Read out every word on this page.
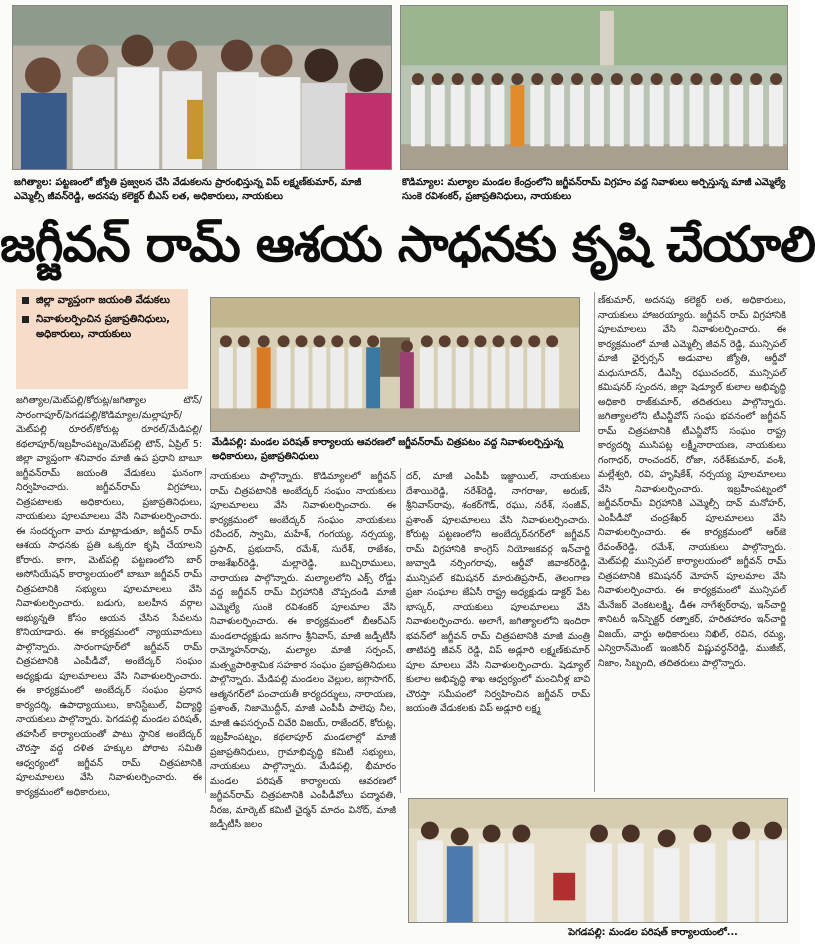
జగిత్యాల: పట్టణంలో జ్యోతి ప్రజ్వలన చేసి వేడుకలను ప్రారంభిస్తున్న విప్ లక్ష్మణ్‌కుమార్, మాజీ ఎమ్మెల్సీ జీవన్‌రెడ్డి, అదనపు కలెక్టర్ బీఎస్ లత, అధికారులు, నాయకులు
కొడిమ్యాల: మల్యాల మండల కేంద్రంలోని జగ్జీవన్‌రామ్ విగ్రహం వద్ద నివాళులు అర్పిస్తున్న మాజీ ఎమ్మెల్యే సుంకె రవిశంకర్, ప్రజాప్రతినిధులు, నాయకులు
జగ్జీవన్ రామ్ ఆశయ సాధనకు కృషి చేయాలి
జిల్లా వ్యాప్తంగా జయంతి వేడుకలు
నివాళులర్పించిన ప్రజాప్రతినిధులు, అధికారులు, నాయకులు
మేడిపల్లి: మండల పరిషత్ కార్యాలయ ఆవరణలో జగ్జీవన్‌రామ్ చిత్రపటం వద్ద నివాళులర్పిస్తున్న అధికారులు, ప్రజాప్రతినిధులు

జగిత్యాల/మెట్‌పల్లి/కోరుట్ల/జగిత్యాల టౌన్/సారంగాపూర్/పెగడపల్లి/కొడిమ్యాల/మల్లాపూర్/మెట్‌పల్లి రూరల్/కోరుట్ల రూరల్/మేడిపల్లి/కథలాపూర్/ఇబ్రహీంపట్నం/మెట్‌పల్లి టౌన్, ఏప్రిల్ 5: జిల్లా వ్యాప్తంగా శనివారం మాజీ ఉప ప్రధాని బాబూ జగ్జీవన్‌రామ్ జయంతి వేడుకలు ఘనంగా నిర్వహించారు. జగ్జీవన్‌రామ్ విగ్రహాలు, చిత్రపటాలకు అధికారులు, ప్రజాప్రతినిధులు, నాయకులు పూలమాలలు వేసి నివాళులర్పించారు. ఈ సందర్భంగా వారు మాట్లాడుతూ, జగ్జీవన్ రామ్ ఆశయ సాధనకు ప్రతి ఒక్కరూ కృషి చేయాలని కోరారు. కాగా, మెట్‌పల్లి పట్టణంలోని బార్ అసోసియేషన్ కార్యాలయంలో బాబూ జగ్జీవన్ రామ్ చిత్రపటానికి సభ్యులు పూలమాలలు వేసి నివాళులర్పించారు. బడుగు, బలహీన వర్గాల అభ్యున్నతి కోసం ఆయన చేసిన సేవలను కొనియాడారు. ఈ కార్యక్రమంలో న్యాయవాదులు పాల్గొన్నారు. సారంగాపూర్‌లో జగ్జీవన్ రామ్ చిత్రపటానికి ఎంపీడీవో, అంబేద్కర్ సంఘం అధ్యక్షుడు పూలమాలలు వేసి నివాళులర్పించారు. ఈ కార్యక్రమంలో అంబేద్కర్ సంఘం ప్రధాన కార్యదర్శి, ఉపాధ్యాయులు, కానిస్టేబుల్, విద్యార్థి నాయకులు పాల్గొన్నారు. పెగడపల్లి మండల పరిషత్, తహసీల్ కార్యాలయంతో పాటు స్థానిక అంబేద్కర్ చౌరస్తా వద్ద దళిత హక్కుల పోరాట సమితి ఆధ్వర్యంలో జగ్జీవన్ రామ్ చిత్రపటానికి పూలమాలలు వేసి నివాళులర్పించారు. ఈ కార్యక్రమంలో అధికారులు,

నాయకులు పాల్గొన్నారు. కొడిమ్యాలలో జగ్జీవన్ రామ్ చిత్రపటానికి అంబేద్కర్ సంఘం నాయకులు పూలమాలలు వేసి నివాళులర్పించారు. ఈ కార్యక్రమంలో అంబేద్కర్ సంఘం నాయకులు రవీందర్, స్వామి, మహేశ్, గంగయ్య, నర్సయ్య, ప్రసాద్, ప్రభుదాస్, రమేశ్, సురేశ్, రాజేశం, రాజశేఖర్‌రెడ్డి, మల్లారెడ్డి, బుచ్చిరాములు, నారాయణ పాల్గొన్నారు. మల్యాలలోని ఎక్స్ రోడ్డు వద్ద జగ్జీవన్ రామ్ విగ్రహానికి చొప్పదండి మాజీ ఎమ్మెల్యే సుంకె రవిశంకర్ పూలమాల వేసి నివాళులర్పించారు. ఈ కార్యక్రమంలో బీఆర్ఎస్ మండలాధ్యక్షుడు జనగాం శ్రీనివాస్, మాజీ జడ్పీటీసీ రామ్మోహన్‌రావు, మల్యాల మాజీ సర్పంచ్, మత్స్యపారిశ్రామిక సహకార సంఘం ప్రజాప్రతినిధులు పాల్గొన్నారు. మేడిపల్లి మండలం వెల్లుల, జగ్గాసాగర్, ఆత్మనగర్‌లో పంచాయతీ కార్యదర్శులు, నారాయణ, ప్రశాంత్, నిజామొద్దీన్, మాజీ ఎంపీపీ పాలెపు నీల, మాజీ ఉపసర్పంచ్ చివేరి విజయ్, రాజేందర్, కోరుట్ల, ఇబ్రహీంపట్నం, కథలాపూర్ మండలాల్లో మాజీ ప్రజాప్రతినిధులు, గ్రామాభివృద్ధి కమిటీ సభ్యులు, నాయకులు పాల్గొన్నారు. మేడిపల్లి, భీమారం మండల పరిషత్ కార్యాలయ ఆవరణలో జగ్జీవన్‌రామ్ చిత్రపటానికి ఎంపీడీవోలు పద్మావతి, నీరజ, మార్కెట్ కమిటీ ఛైర్మన్ మాదం వినోద్, మాజీ జడ్పీటీసీ జలం

దర్, మాజీ ఎంపీపీ ఇజ్జాయిల్, నాయకులు దేశాయిరెడ్డి, నరేశ్‌రెడ్డి, నాగరాజు, అరుణ్, శ్రీనివాస్‌రావు, శంకర్‌గౌడ్, రఘు, నరేశ్, సంజీవ్, ప్రశాంత్ పూలమాలలు వేసి నివాళులర్పించారు. కోరుట్ల పట్టణంలోని అంబేద్కర్‌నగర్‌లో జగ్జీవన్ రామ్ విగ్రహానికి కాంగ్రెస్ నియోజకవర్గ ఇన్‌చార్జి జువ్వాడి నర్సింగరావు, ఆర్డీవో జివాకర్‌రెడ్డి, మున్సిపల్ కమిషనర్ మారుతిప్రసాద్, తెలంగాణ ప్రజా సంఘాల జేఏసీ రాష్ట్ర అధ్యక్షుడు డాక్టర్ పేట భాస్కర్, నాయకులు పూలమాలలు వేసి నివాళులర్పించారు. అలాగే, జగిత్యాలలోని ఇందిరా భవన్‌లో జగ్జీవన్ రామ్ చిత్రపటానికి మాజీ మంత్రి తాటిపర్తి జీవన్ రెడ్డి, విప్ అడ్లూరి లక్ష్మణ్‌కుమార్ పూల మాలలు వేసి నివాళులర్పించారు. షెడ్యూల్ కులాల అభివృద్ధి శాఖ ఆధ్వర్యంలో మంచినీళ్ల బావి చౌరస్తా సమీపంలో నిర్వహించిన జగ్జీవన్ రామ్ జయంతి వేడుకలకు విప్ అడ్లూరి లక్ష్మ

ణ్‌కుమార్, అదనపు కలెక్టర్ లత, అధికారులు, నాయకులు హాజరయ్యారు. జగ్జీవన్ రామ్ విగ్రహానికి పూలమాలలు వేసి నివాళులర్పించారు. ఈ కార్యక్రమంలో మాజీ ఎమ్మెల్సీ జీవన్ రెడ్డి, మున్సిపల్ మాజీ ఛైర్పర్సన్ అడువాల జ్యోతి, ఆర్డీవో మధుసూదన్, డీఎస్పీ రఘుచందర్, మున్సిపల్ కమిషనర్ స్పందన, జిల్లా షెడ్యూల్ కులాల అభివృద్ధి అధికారి రాజ్‌కుమార్, తదితరులు పాల్గొన్నారు. జగిత్యాలలోని టీఎన్జీవోస్ సంఘ భవనంలో జగ్జీవన్ రామ్ చిత్రపటానికి టీఎన్జీవోస్ సంఘం రాష్ట్ర కార్యదర్శి ముసిపట్ల లక్ష్మీనారాయణ, నాయకులు గంగాధర్, రాంచందర్, రోజా, నరేశ్‌కుమార్, వంశీ, మల్లేశ్వరి, రవి, హృషికేశ్, నర్సయ్య పూలమాలలు వేసి నివాళులర్పించారు. ఇబ్రహీంపట్నంలో జగ్జీవన్‌రామ్ విగ్రహానికి ఎమ్మెల్సీ దావ్ మనోహర్, ఎంపీడీవో చంద్రశేఖర్ పూలమాలలు వేసి నివాళులర్పించారు. ఈ కార్యక్రమంలో ఆర్‌జె రేవంత్‌రెడ్డి, రమేశ్, నాయకులు పాల్గొన్నారు. మెట్‌పల్లి మున్సిపల్ కార్యాలయంలో జగ్జీవన్ రామ్ చిత్రపటానికి కమిషనర్ మోహన్ పూలమాల వేసి నివాళులర్పించారు. ఈ కార్యక్రమంలో మున్సిపల్ మేనేజర్ వెంకటలక్ష్మి, డీఈ నాగేశ్వర్‌రావు, ఇన్‌చార్జి శానిటరీ ఇన్‌స్పెక్టర్ రత్నాకర్, హరితహారం ఇన్‌చార్జి విజయ్, వార్డు అధికారులు నిఖిల్, రవిన, రమ్య, ఎన్విరాన్‌మెంట్ ఇంజినీర్ విష్ణువర్ధన్‌రెడ్డి, ముజీబ్, నిజాం, సిబ్బంది, తదితరులు పాల్గొన్నారు.

పెగడపల్లి: మండల పరిషత్ కార్యాలయంలో...
